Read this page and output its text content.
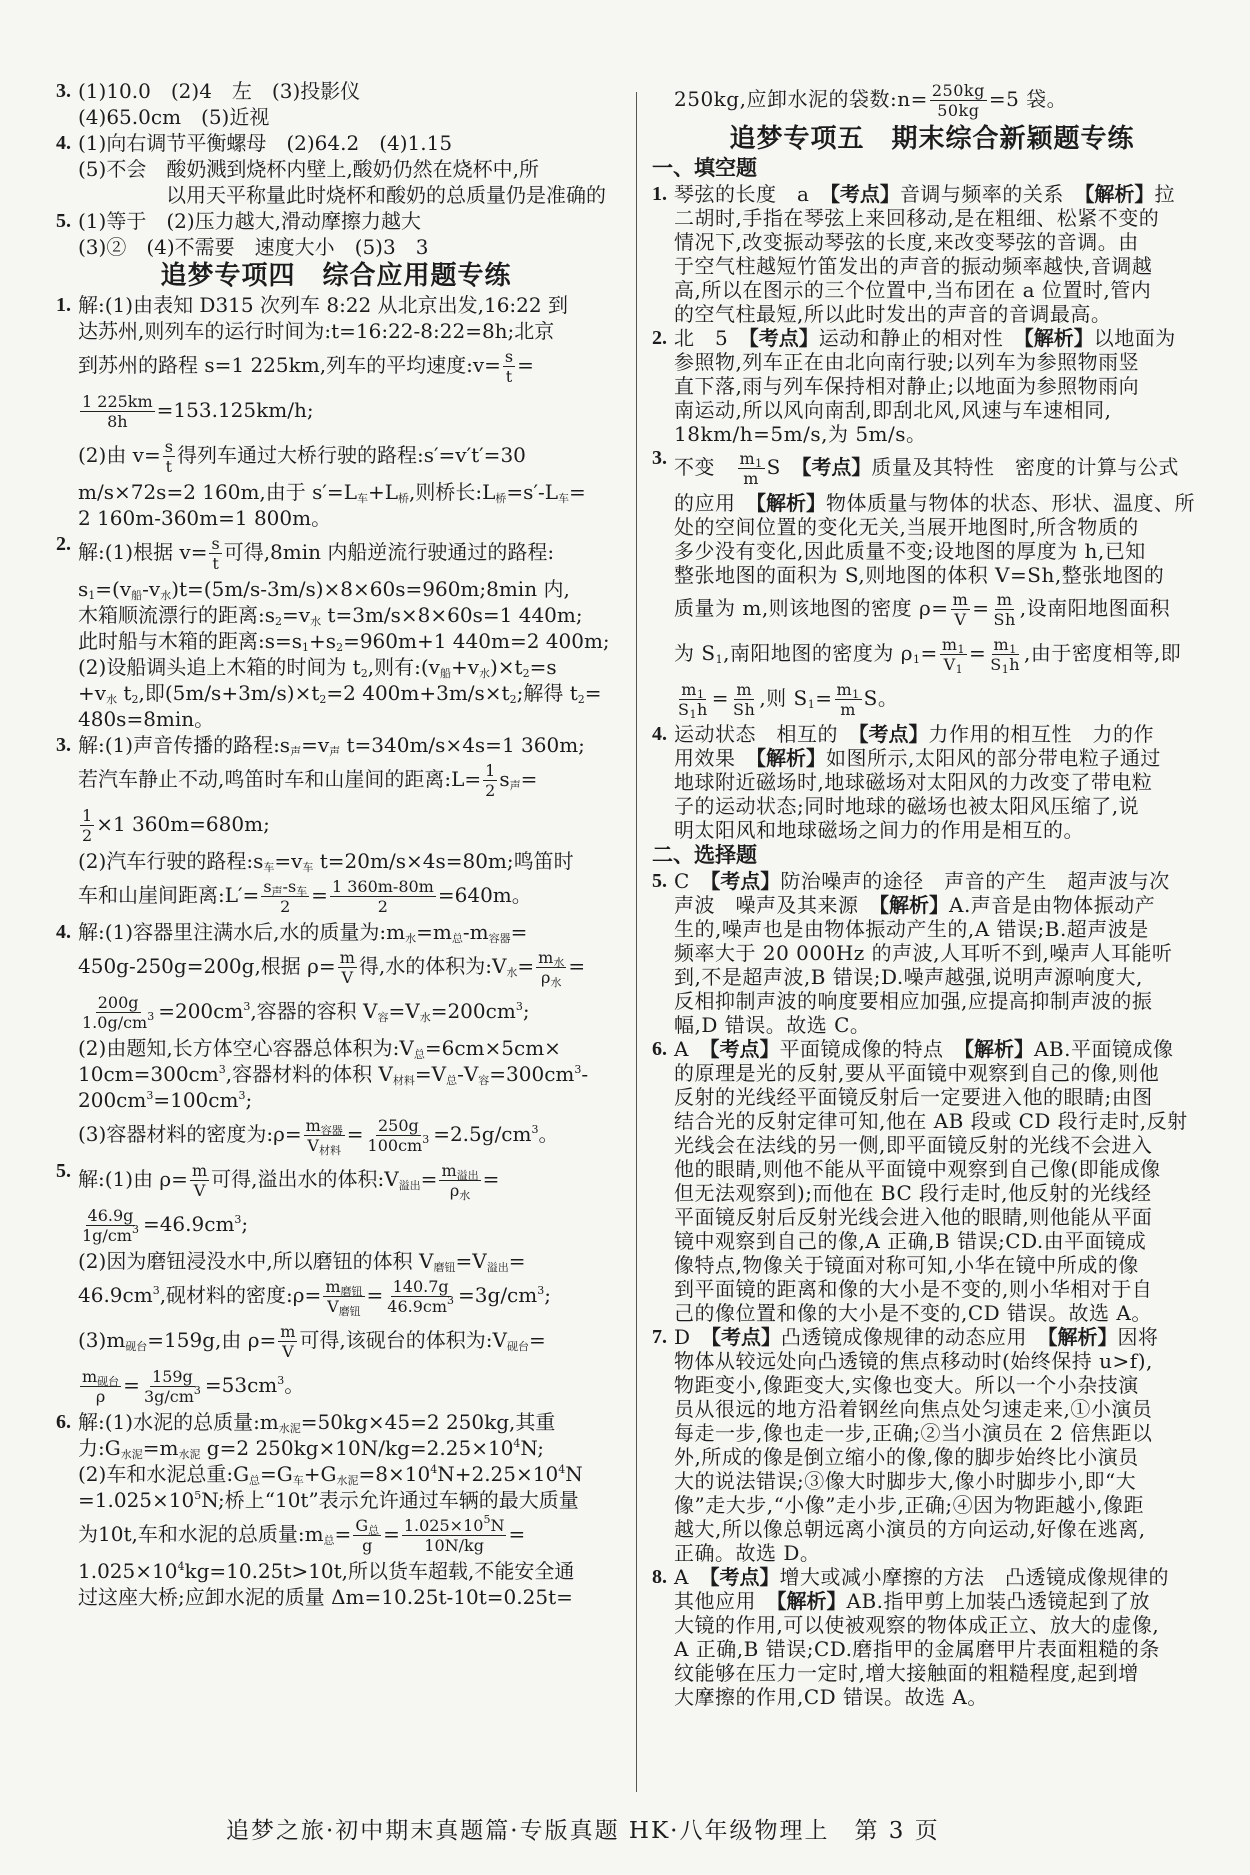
3. (1)10.0　(2)4　左　(3)投影仪
(4)65.0cm　(5)近视
4. (1)向右调节平衡螺母　(2)64.2　(4)1.15
(5)不会　酸奶溅到烧杯内壁上,酸奶仍然在烧杯中,所
以用天平称量此时烧杯和酸奶的总质量仍是准确的
5. (1)等于　(2)压力越大,滑动摩擦力越大
(3)②　(4)不需要　速度大小　(5)3　3
追梦专项四　综合应用题专练
1. 解:(1)由表知 D315 次列车 8:22 从北京出发,16:22 到
达苏州,则列车的运行时间为:t=16:22-8:22=8h;北京
到苏州的路程 s=1 225km,列车的平均速度:v= $\frac{s}{t}$ =
$\frac{1 225km}{8h} =153.125km/h$;
(2)由 $v= \frac{s}{t}$ 得列车通过大桥行驶的路程:s′=v′t′=30
m/s×72s=2 160m,由于 $s'=L_车+L_桥$,则桥长$:L_桥=s'-L_车=$
2 160m-360m=1 800m。
2. 解:(1)根据 $v= \frac{s}{t}$ 可得,8min 内船逆流行驶通过的路程:
$s_1=(v_船-v_水)t=(5m/s-3m/s)\times 8\times 60s=960m;8\min$ 内,
木箱顺流漂行的距离$:s_2=v_水$ t=3m/s×8×60s=1 440m;
此时船与木箱的距离$:s=s_1+s_2=960m+1$ 440m=2 400m;
(2)设船调头追上木箱的时间为 $t_2$,则有$:(v_船+v_水)\times t_2=s$
$+v_水$ $t_2$,即$(5m/s+3m/s)\times t_2=2$ $400m+3m/s\times t_2$;解得 $t_2=$
480s=8min。
3. 解:(1)声音传播的路程$:s_声=v_声$ t=340m/s×4s=1 360m;
若汽车静止不动,鸣笛时车和山崖间的距离:L= $\frac{1}{2} s_声=$
$\frac{1}{2} \times 1$ 360m=680m;
(2)汽车行驶的路程$:s_车=v_车$ t=20m/s×4s=80m;鸣笛时
车和山崖间距离:L′= $\frac{s_声-s_车}{2} = \frac{1 360m-80m}{2} =640m$。
4. 解:(1)容器里注满水后,水的质量为$:m_水=m_总-m_{容器}=$
450g-250g=200g,根据 $\rho= \frac{m}{V}$ 得,水的体积为$:V_水= \frac{m_水}{\rho_水}$ =
$\frac{200g}{1.0g/cm^3} =200cm^3$,容器的容积 $V_容=V_水=200cm^3$;
(2)由题知,长方体空心容器总体积为$:V_总=6cm\times 5cm\times$
$10cm=300cm^3$,容器材料的体积 $V_{材料}=V_总-V_容=300cm^3-$
$200cm^3=100cm^3$;
(3)容器材料的密度为:ρ= $\frac{m_{容器}}{V_{材料}} = \frac{250g}{100cm^3} =2.5g/cm^3$。
5. 解:(1)由 $\rho= \frac{m}{V}$ 可得,溢出水的体积$:V_{溢出}= \frac{m_{溢出}}{\rho_水}$ =
$\frac{46.9g}{1g/cm^3} =46.9cm^3$;
(2)因为磨钮浸没水中,所以磨钮的体积 $V_{磨钮}=V_{溢出}=$
$46.9cm^3$,砚材料的密度:ρ= $\frac{m_{磨钮}}{V_{磨钮}} = \frac{140.7g}{46.9cm^3} =3g/cm^3$;
$(3)m_{砚台}=159g$,由 $\rho= \frac{m}{V}$ 可得,该砚台的体积为$:V_{砚台}=$
$\frac{m_{砚台}}{\rho} = \frac{159g}{3g/cm^3} =53cm^3$。
6. 解:(1)水泥的总质量$:m_{水泥}=50kg\times 45=2$ 250kg,其重
力$:G_{水泥}=m_{水泥}$ g=2 $250kg\times 10N/kg=2.25\times 10^4N$;
(2)车和水泥总重$:G_总=G_车+G_{水泥}=8\times 10^4N+2.25\times 10^4N$
$=1.025\times 10^5N$;桥上“10t”表示允许通过车辆的最大质量
为10t,车和水泥的总质量$:m_总= \frac{G_总}{g} = \frac{1.025\times 10^5N}{10N/kg}$ =
$1.025\times 10^4kg=10.25t>10t$,所以货车超载,不能安全通
过这座大桥;应卸水泥的质量 Δm=10.25t-10t=0.25t=
250kg,应卸水泥的袋数:n= $\frac{250kg}{50kg} =5$ 袋。
追梦专项五　期末综合新颖题专练
一、填空题
1. 琴弦的长度　a　【考点】音调与频率的关系　【解析】拉
二胡时,手指在琴弦上来回移动,是在粗细、松紧不变的
情况下,改变振动琴弦的长度,来改变琴弦的音调。由
于空气柱越短竹笛发出的声音的振动频率越快,音调越
高,所以在图示的三个位置中,当布团在 a 位置时,管内
的空气柱最短,所以此时发出的声音的音调最高。
2. 北　5　【考点】运动和静止的相对性　【解析】以地面为
参照物,列车正在由北向南行驶;以列车为参照物雨竖
直下落,雨与列车保持相对静止;以地面为参照物雨向
南运动,所以风向南刮,即刮北风,风速与车速相同,
18km/h=5m/s,为 5m/s。
3. 不变　 $\frac{m_1}{m}$ S　【考点】质量及其特性　密度的计算与公式
的应用　【解析】物体质量与物体的状态、形状、温度、所
处的空间位置的变化无关,当展开地图时,所含物质的
多少没有变化,因此质量不变;设地图的厚度为 h,已知
整张地图的面积为 S,则地图的体积 V=Sh,整张地图的
质量为 m,则该地图的密度 $\rho= \frac{m}{V} = \frac{m}{Sh}$ ,设南阳地图面积
为 $S_1$,南阳地图的密度为 $\rho_1= \frac{m_1}{V_1} = \frac{m_1}{S_1h}$ ,由于密度相等,即
$\frac{m_1}{S_1h} = \frac{m}{Sh}$ ,则 $S_1= \frac{m_1}{m}$ S。
4. 运动状态　相互的　【考点】力作用的相互性　力的作
用效果　【解析】如图所示,太阳风的部分带电粒子通过
地球附近磁场时,地球磁场对太阳风的力改变了带电粒
子的运动状态;同时地球的磁场也被太阳风压缩了,说
明太阳风和地球磁场之间力的作用是相互的。
二、选择题
5. C　【考点】防治噪声的途径　声音的产生　超声波与次
声波　噪声及其来源　【解析】A.声音是由物体振动产
生的,噪声也是由物体振动产生的,A 错误;B.超声波是
频率大于 20 000Hz 的声波,人耳听不到,噪声人耳能听
到,不是超声波,B 错误;D.噪声越强,说明声源响度大,
反相抑制声波的响度要相应加强,应提高抑制声波的振
幅,D 错误。故选 C。
6. A　【考点】平面镜成像的特点　【解析】AB.平面镜成像
的原理是光的反射,要从平面镜中观察到自己的像,则他
反射的光线经平面镜反射后一定要进入他的眼睛;由图
结合光的反射定律可知,他在 AB 段或 CD 段行走时,反射
光线会在法线的另一侧,即平面镜反射的光线不会进入
他的眼睛,则他不能从平面镜中观察到自己像(即能成像
但无法观察到);而他在 BC 段行走时,他反射的光线经
平面镜反射后反射光线会进入他的眼睛,则他能从平面
镜中观察到自己的像,A 正确,B 错误;CD.由平面镜成
像特点,物像关于镜面对称可知,小华在镜中所成的像
到平面镜的距离和像的大小是不变的,则小华相对于自
己的像位置和像的大小是不变的,CD 错误。故选 A。
7. D　【考点】凸透镜成像规律的动态应用　【解析】因将
物体从较远处向凸透镜的焦点移动时(始终保持 u>f),
物距变小,像距变大,实像也变大。所以一个小杂技演
员从很远的地方沿着钢丝向焦点处匀速走来,①小演员
每走一步,像也走一步,正确;②当小演员在 2 倍焦距以
外,所成的像是倒立缩小的像,像的脚步始终比小演员
大的说法错误;③像大时脚步大,像小时脚步小,即“大
像”走大步,“小像”走小步,正确;④因为物距越小,像距
越大,所以像总朝远离小演员的方向运动,好像在逃离,
正确。故选 D。
8. A　【考点】增大或减小摩擦的方法　凸透镜成像规律的
其他应用　【解析】AB.指甲剪上加装凸透镜起到了放
大镜的作用,可以使被观察的物体成正立、放大的虚像,
A 正确,B 错误;CD.磨指甲的金属磨甲片表面粗糙的条
纹能够在压力一定时,增大接触面的粗糙程度,起到增
大摩擦的作用,CD 错误。故选 A。
追梦之旅·初中期末真题篇·专版真题 HK·八年级物理上　第 3 页
